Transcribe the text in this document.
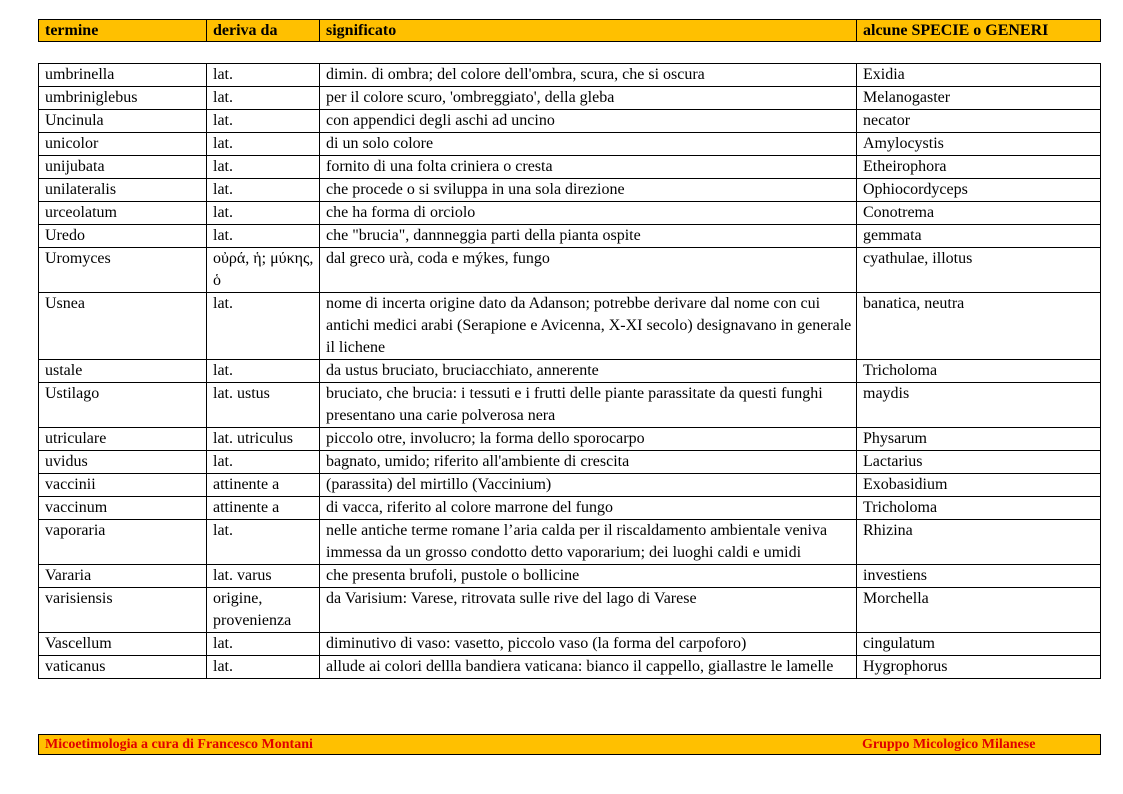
termine	deriva da	significato	alcune SPECIE o GENERI
umbrinella	lat.	dimin. di ombra; del colore dell'ombra, scura, che si oscura	Exidia
umbriniglebus	lat.	per il colore scuro, 'ombreggiato', della gleba	Melanogaster
Uncinula	lat.	con appendici degli aschi ad uncino	necator
unicolor	lat.	di un solo colore	Amylocystis
unijubata	lat.	fornito di una folta criniera o cresta	Etheirophora
unilateralis	lat.	che procede o si sviluppa in una sola direzione	Ophiocordyceps
urceolatum	lat.	che ha forma di orciolo	Conotrema
Uredo	lat.	che "brucia", dannneggia parti della pianta ospite	gemmata
Uromyces	οὐρά, ἡ; μύκης, ὁ	dal greco urà, coda e mýkes, fungo	cyathulae, illotus
Usnea	lat.	nome di incerta origine dato da Adanson; potrebbe derivare dal nome con cui antichi medici arabi (Serapione e Avicenna, X-XI secolo) designavano in generale il lichene	banatica, neutra
ustale	lat.	da ustus bruciato, bruciacchiato, annerente	Tricholoma
Ustilago	lat. ustus	bruciato, che brucia: i tessuti e i frutti delle piante parassitate da questi funghi presentano una carie polverosa nera	maydis
utriculare	lat. utriculus	piccolo otre, involucro; la forma dello sporocarpo	Physarum
uvidus	lat.	bagnato, umido; riferito all'ambiente di crescita	Lactarius
vaccinii	attinente a	(parassita) del mirtillo (Vaccinium)	Exobasidium
vaccinum	attinente a	di vacca, riferito al colore marrone del fungo	Tricholoma
vaporaria	lat.	nelle antiche terme romane l’aria calda per il riscaldamento ambientale veniva immessa da un grosso condotto detto vaporarium; dei luoghi caldi e umidi	Rhizina
Vararia	lat. varus	che presenta brufoli, pustole o bollicine	investiens
varisiensis	origine, provenienza	da Varisium: Varese, ritrovata sulle rive del lago di Varese	Morchella
Vascellum	lat.	diminutivo di vaso: vasetto, piccolo vaso (la forma del carpoforo)	cingulatum
vaticanus	lat.	allude ai colori dellla bandiera vaticana: bianco il cappello, giallastre le lamelle	Hygrophorus
Micoetimologia a cura di Francesco Montani	Gruppo Micologico Milanese
